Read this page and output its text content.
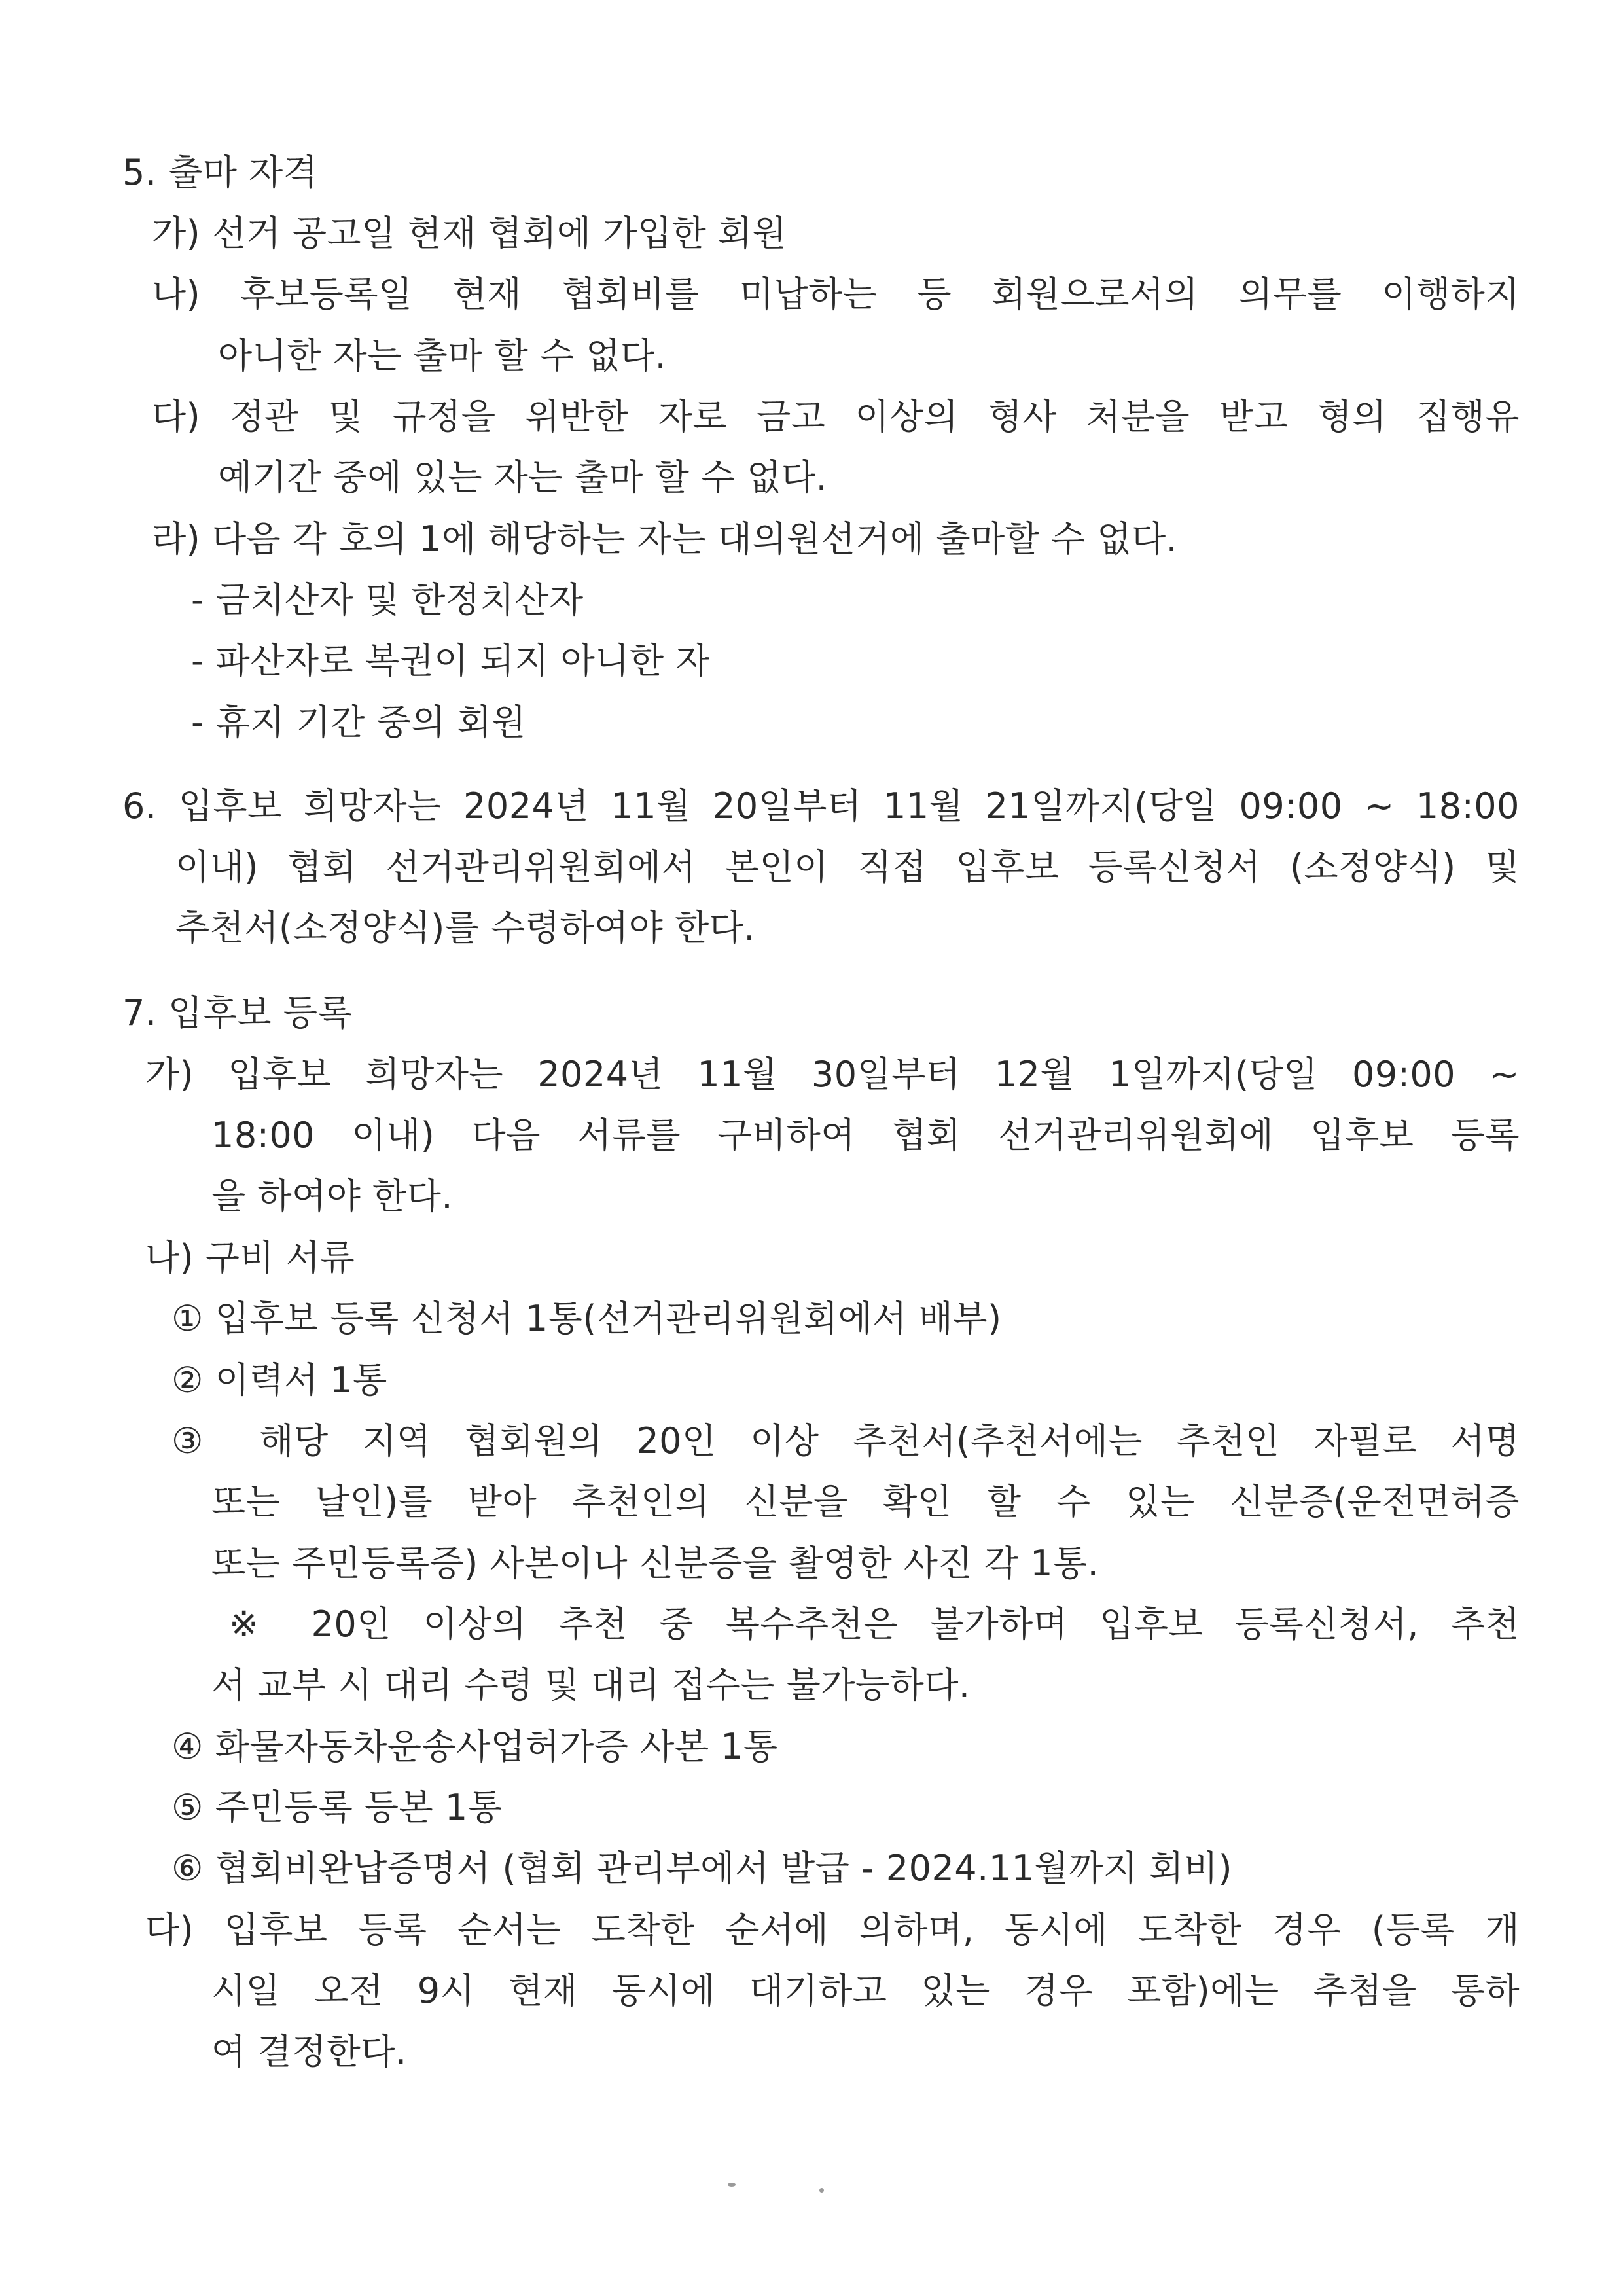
5. 출마 자격
가) 선거 공고일 현재 협회에 가입한 회원
나) 후보등록일 현재 협회비를 미납하는 등 회원으로서의 의무를 이행하지
아니한 자는 출마 할 수 없다.
다) 정관 및 규정을 위반한 자로 금고 이상의 형사 처분을 받고 형의 집행유
예기간 중에 있는 자는 출마 할 수 없다.
라) 다음 각 호의 1에 해당하는 자는 대의원선거에 출마할 수 없다.
- 금치산자 및 한정치산자
- 파산자로 복권이 되지 아니한 자
- 휴지 기간 중의 회원
6. 입후보 희망자는 2024년 11월 20일부터 11월 21일까지(당일 09:00 ~ 18:00
이내) 협회 선거관리위원회에서 본인이 직접 입후보 등록신청서 (소정양식) 및
추천서(소정양식)를 수령하여야 한다.
7. 입후보 등록
가) 입후보 희망자는 2024년 11월 30일부터 12월 1일까지(당일 09:00 ~
18:00 이내) 다음 서류를 구비하여 협회 선거관리위원회에 입후보 등록
을 하여야 한다.
나) 구비 서류
① 입후보 등록 신청서 1통(선거관리위원회에서 배부)
② 이력서 1통
③ 해당 지역 협회원의 20인 이상 추천서(추천서에는 추천인 자필로 서명
또는 날인)를 받아 추천인의 신분을 확인 할 수 있는 신분증(운전면허증
또는 주민등록증) 사본이나 신분증을 촬영한 사진 각 1통.
※ 20인 이상의 추천 중 복수추천은 불가하며 입후보 등록신청서, 추천
서 교부 시 대리 수령 및 대리 접수는 불가능하다.
④ 화물자동차운송사업허가증 사본 1통
⑤ 주민등록 등본 1통
⑥ 협회비완납증명서 (협회 관리부에서 발급 - 2024.11월까지 회비)
다) 입후보 등록 순서는 도착한 순서에 의하며, 동시에 도착한 경우 (등록 개
시일 오전 9시 현재 동시에 대기하고 있는 경우 포함)에는 추첨을 통하
여 결정한다.
